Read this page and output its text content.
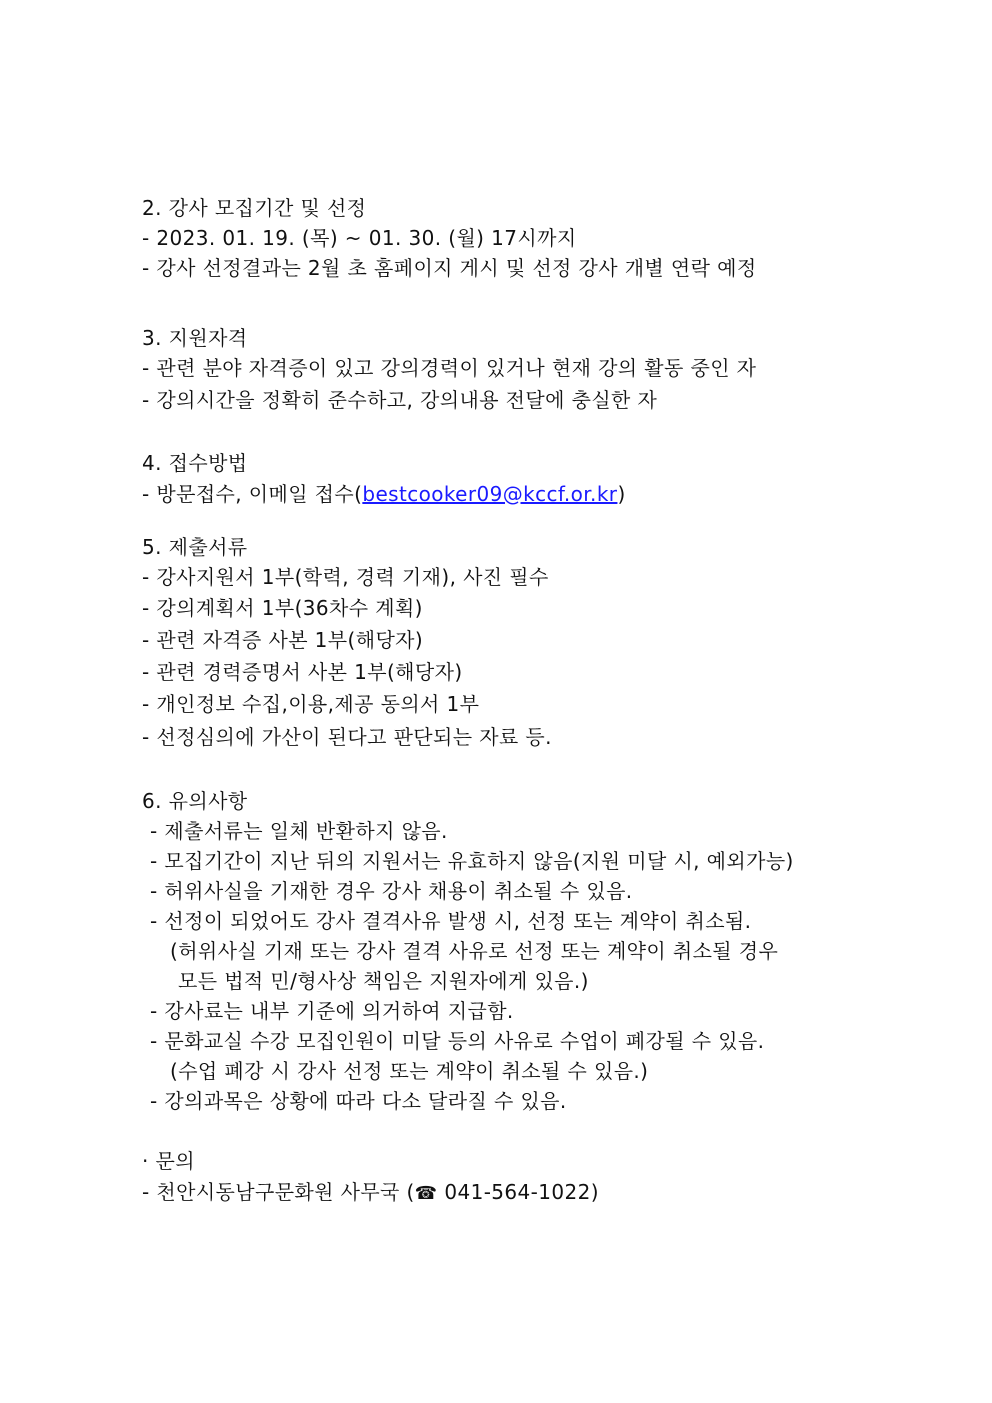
2. 강사 모집기간 및 선정
- 2023. 01. 19. (목) ~ 01. 30. (월) 17시까지
- 강사 선정결과는 2월 초 홈페이지 게시 및 선정 강사 개별 연락 예정
3. 지원자격
- 관련 분야 자격증이 있고 강의경력이 있거나 현재 강의 활동 중인 자
- 강의시간을 정확히 준수하고, 강의내용 전달에 충실한 자
4. 접수방법
- 방문접수, 이메일 접수(bestcooker09@kccf.or.kr)
5. 제출서류
- 강사지원서 1부(학력, 경력 기재), 사진 필수
- 강의계획서 1부(36차수 계획)
- 관련 자격증 사본 1부(해당자)
- 관련 경력증명서 사본 1부(해당자)
- 개인정보 수집,이용,제공 동의서 1부
- 선정심의에 가산이 된다고 판단되는 자료 등.
6. 유의사항
- 제출서류는 일체 반환하지 않음.
- 모집기간이 지난 뒤의 지원서는 유효하지 않음(지원 미달 시, 예외가능)
- 허위사실을 기재한 경우 강사 채용이 취소될 수 있음.
- 선정이 되었어도 강사 결격사유 발생 시, 선정 또는 계약이 취소됨.
(허위사실 기재 또는 강사 결격 사유로 선정 또는 계약이 취소될 경우
모든 법적 민/형사상 책임은 지원자에게 있음.)
- 강사료는 내부 기준에 의거하여 지급함.
- 문화교실 수강 모집인원이 미달 등의 사유로 수업이 폐강될 수 있음.
(수업 폐강 시 강사 선정 또는 계약이 취소될 수 있음.)
- 강의과목은 상황에 따라 다소 달라질 수 있음.
· 문의
- 천안시동남구문화원 사무국 (☎ 041-564-1022)
